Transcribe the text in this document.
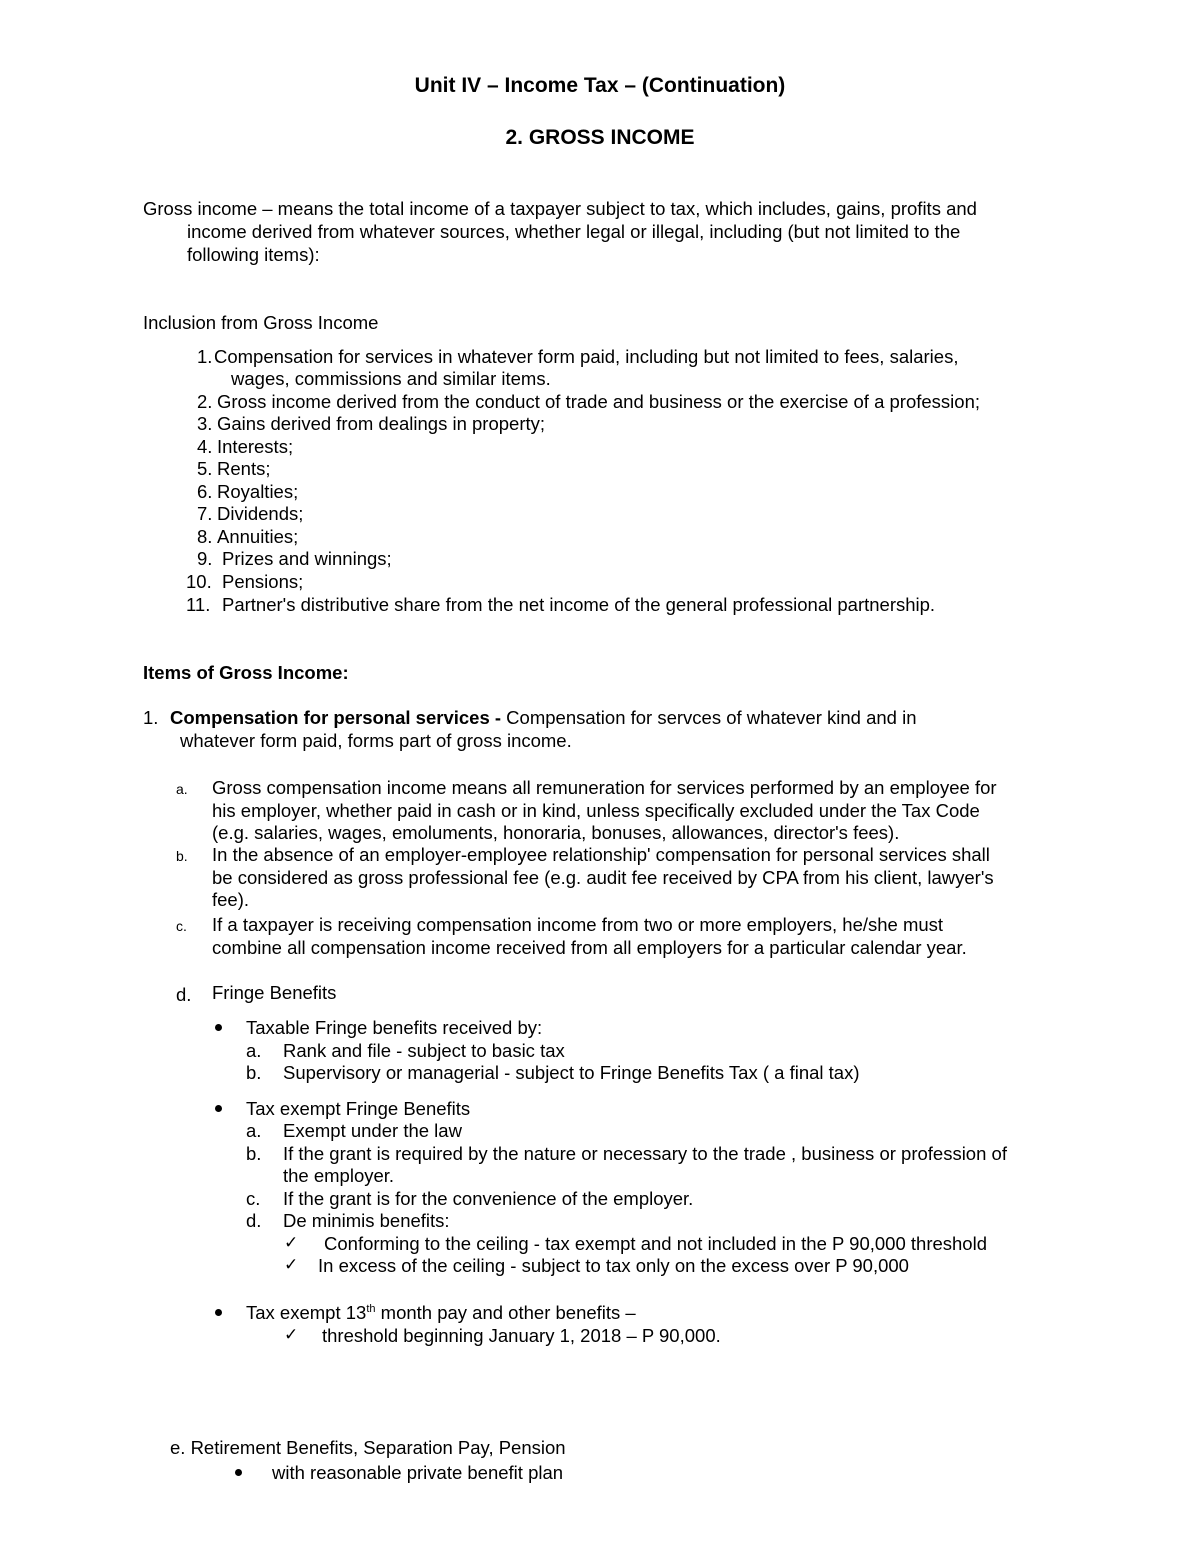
Unit IV – Income Tax – (Continuation)
2. GROSS INCOME
Gross income – means the total income of a taxpayer subject to tax, which includes, gains, profits and
income derived from whatever sources, whether legal or illegal, including (but not limited to the
following items):
Inclusion from Gross Income
1. Compensation for services in whatever form paid, including but not limited to fees, salaries,
wages, commissions and similar items.
2. Gross income derived from the conduct of trade and business or the exercise of a profession;
3. Gains derived from dealings in property;
4. Interests;
5. Rents;
6. Royalties;
7. Dividends;
8. Annuities;
9. Prizes and winnings;
10. Pensions;
11. Partner's distributive share from the net income of the general professional partnership.
Items of Gross Income:
1. Compensation for personal services - Compensation for servces of whatever kind and in
whatever form paid, forms part of gross income.
a. Gross compensation income means all remuneration for services performed by an employee for
his employer, whether paid in cash or in kind, unless specifically excluded under the Tax Code
(e.g. salaries, wages, emoluments, honoraria, bonuses, allowances, director's fees).
b. In the absence of an employer-employee relationship' compensation for personal services shall
be considered as gross professional fee (e.g. audit fee received by CPA from his client, lawyer's
fee).
c. If a taxpayer is receiving compensation income from two or more employers, he/she must
combine all compensation income received from all employers for a particular calendar year.
d. Fringe Benefits
Taxable Fringe benefits received by:
a. Rank and file - subject to basic tax
b. Supervisory or managerial - subject to Fringe Benefits Tax ( a final tax)
Tax exempt Fringe Benefits
a. Exempt under the law
b. If the grant is required by the nature or necessary to the trade , business or profession of
the employer.
c. If the grant is for the convenience of the employer.
d. De minimis benefits:
✓ Conforming to the ceiling - tax exempt and not included in the P 90,000 threshold
✓ In excess of the ceiling - subject to tax only on the excess over P 90,000
Tax exempt 13th month pay and other benefits –
✓ threshold beginning January 1, 2018 – P 90,000.
e. Retirement Benefits, Separation Pay, Pension
with reasonable private benefit plan
